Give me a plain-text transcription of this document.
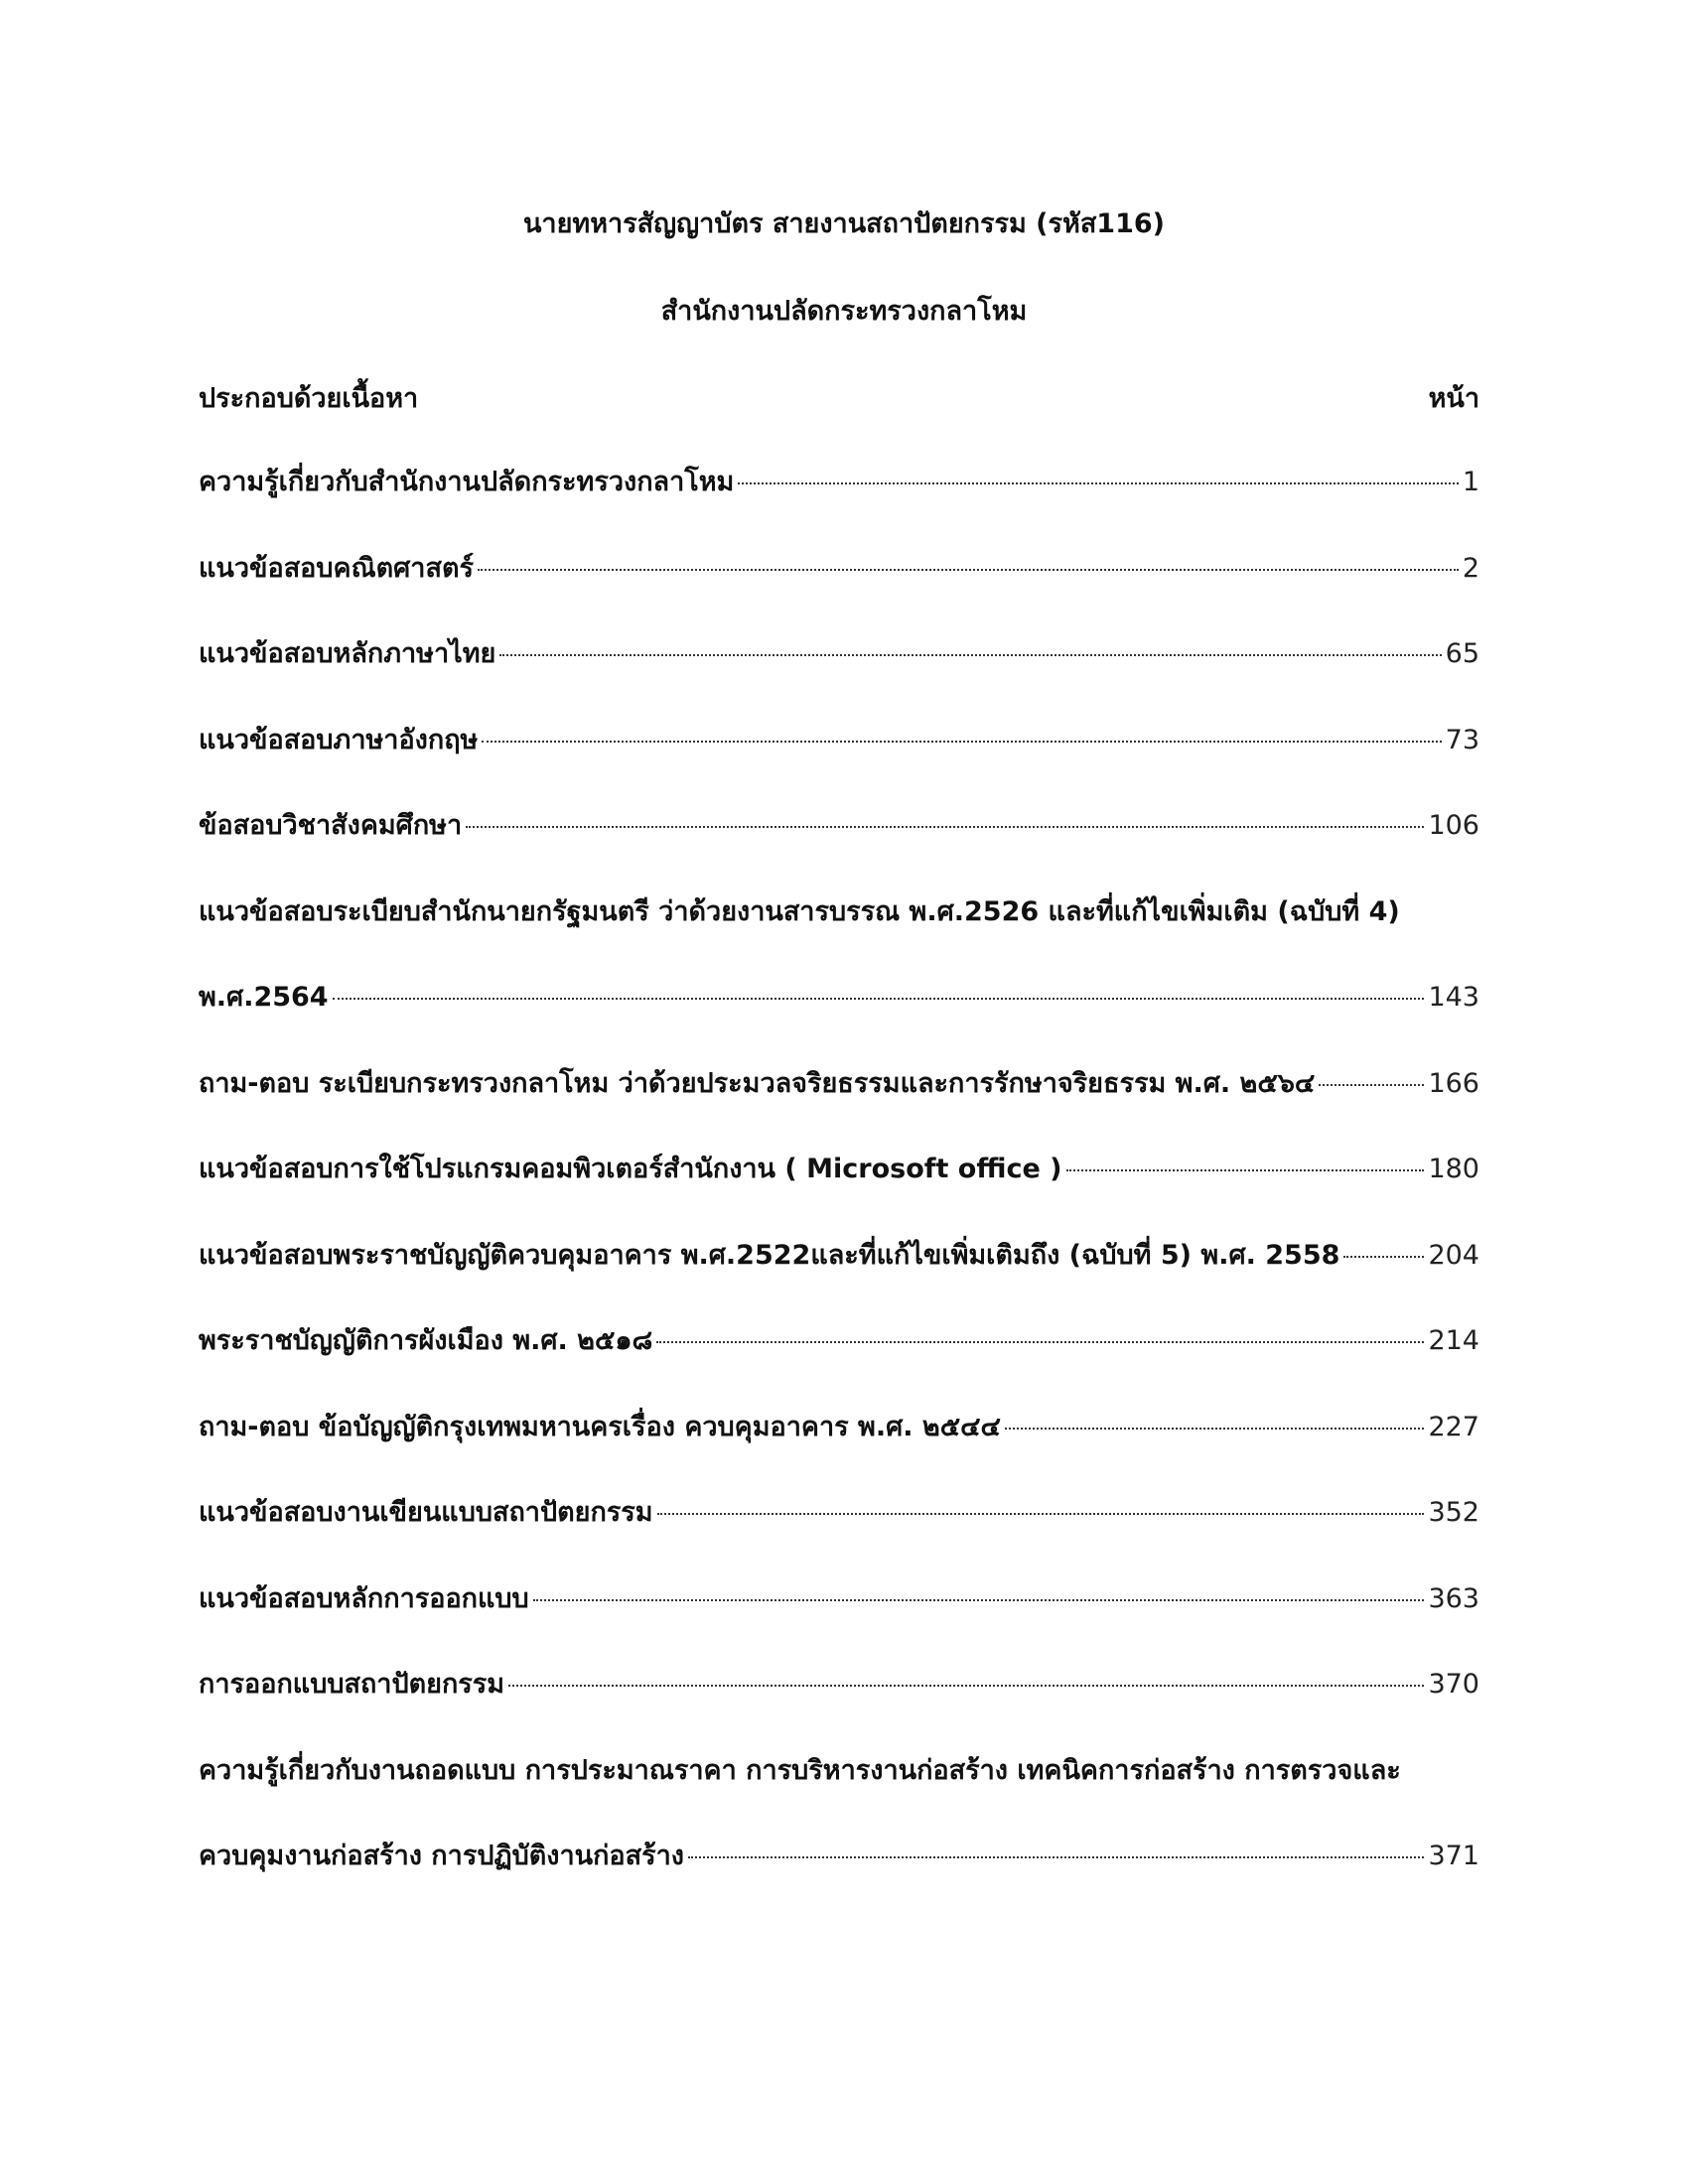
นายทหารสัญญาบัตร สายงานสถาปัตยกรรม (รหัส116)
สำนักงานปลัดกระทรวงกลาโหม
ประกอบด้วยเนื้อหา	หน้า
ความรู้เกี่ยวกับสำนักงานปลัดกระทรวงกลาโหม	1
แนวข้อสอบคณิตศาสตร์	2
แนวข้อสอบหลักภาษาไทย	65
แนวข้อสอบภาษาอังกฤษ	73
ข้อสอบวิชาสังคมศึกษา	106
แนวข้อสอบระเบียบสำนักนายกรัฐมนตรี ว่าด้วยงานสารบรรณ พ.ศ.2526 และที่แก้ไขเพิ่มเติม (ฉบับที่ 4)
พ.ศ.2564	143
ถาม-ตอบ ระเบียบกระทรวงกลาโหม ว่าด้วยประมวลจริยธรรมและการรักษาจริยธรรม พ.ศ. ๒๕๖๔	166
แนวข้อสอบการใช้โปรแกรมคอมพิวเตอร์สำนักงาน ( Microsoft office )	180
แนวข้อสอบพระราชบัญญัติควบคุมอาคาร พ.ศ.2522และที่แก้ไขเพิ่มเติมถึง (ฉบับที่ 5) พ.ศ. 2558	204
พระราชบัญญัติการผังเมือง พ.ศ. ๒๕๑๘	214
ถาม-ตอบ ข้อบัญญัติกรุงเทพมหานครเรื่อง ควบคุมอาคาร พ.ศ. ๒๕๔๔	227
แนวข้อสอบงานเขียนแบบสถาปัตยกรรม	352
แนวข้อสอบหลักการออกแบบ	363
การออกแบบสถาปัตยกรรม	370
ความรู้เกี่ยวกับงานถอดแบบ การประมาณราคา การบริหารงานก่อสร้าง เทคนิคการก่อสร้าง การตรวจและ
ควบคุมงานก่อสร้าง การปฏิบัติงานก่อสร้าง	371
